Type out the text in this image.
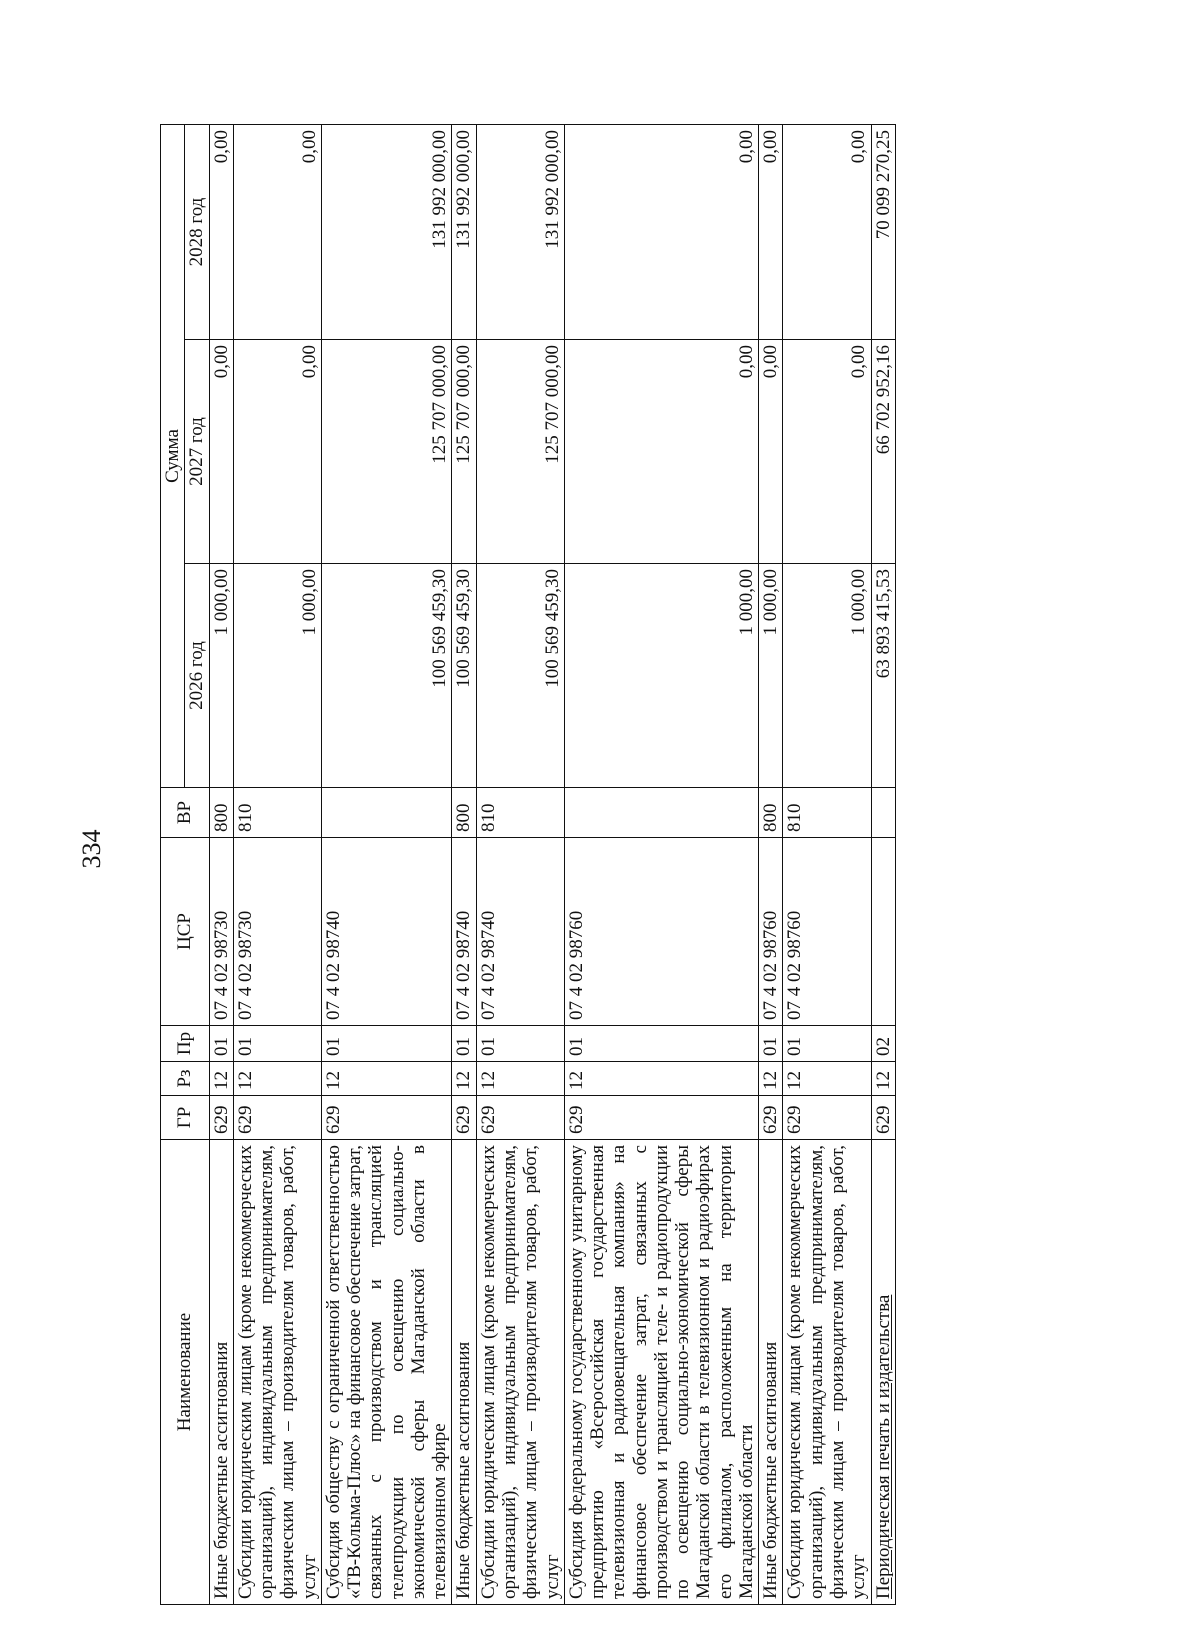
334
Наименование	ГР	Рз	Пр	ЦСР	ВР	Сумма		
						2026 год	2027 год	2028 год
Иные бюджетные ассигнования	629	12	01	07 4 02 98730	800	1 000,00	0,00	0,00
Субсидии юридическим лицам (кроме некоммерческих организаций), индивидуальным предпринимателям, физическим лицам – производителям товаров, работ, услуг	629	12	01	07 4 02 98730	810	1 000,00	0,00	0,00
Субсидия обществу с ограниченной ответственностью «ТВ-Колыма-Плюс» на финансовое обеспечение затрат, связанных с производством и трансляцией телепродукции по освещению социально-экономической сферы Магаданской области в телевизионном эфире	629	12	01	07 4 02 98740		100 569 459,30	125 707 000,00	131 992 000,00
Иные бюджетные ассигнования	629	12	01	07 4 02 98740	800	100 569 459,30	125 707 000,00	131 992 000,00
Субсидии юридическим лицам (кроме некоммерческих организаций), индивидуальным предпринимателям, физическим лицам – производителям товаров, работ, услуг	629	12	01	07 4 02 98740	810	100 569 459,30	125 707 000,00	131 992 000,00
Субсидия федеральному государственному унитарному предприятию «Всероссийская государственная телевизионная и радиовещательная компания» на финансовое обеспечение затрат, связанных с производством и трансляцией теле- и радиопродукции по освещению социально-экономической сферы Магаданской области в телевизионном и радиоэфирах его филиалом, расположенным на территории Магаданской области	629	12	01	07 4 02 98760		1 000,00	0,00	0,00
Иные бюджетные ассигнования	629	12	01	07 4 02 98760	800	1 000,00	0,00	0,00
Субсидии юридическим лицам (кроме некоммерческих организаций), индивидуальным предпринимателям, физическим лицам – производителям товаров, работ, услуг	629	12	01	07 4 02 98760	810	1 000,00	0,00	0,00
Периодическая печать и издательства	629	12	02			63 893 415,53	66 702 952,16	70 099 270,25
